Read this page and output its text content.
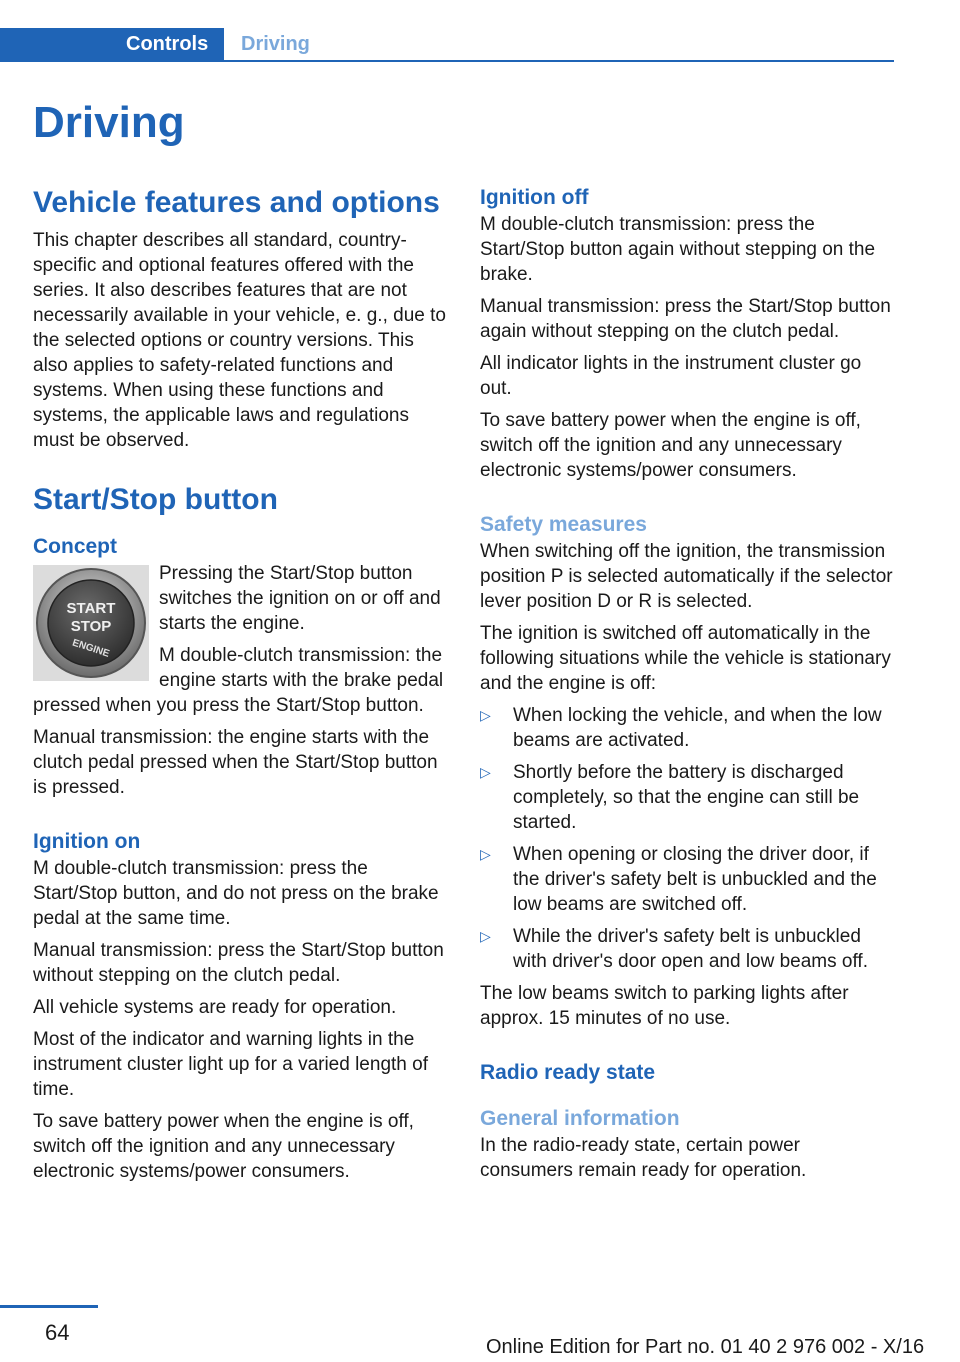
Controls	Driving
Driving
Vehicle features and options

This chapter describes all standard, country-specific and optional features offered with the series. It also describes features that are not necessarily available in your vehicle, e. g., due to the selected options or country versions. This also applies to safety-related functions and systems. When using these functions and systems, the applicable laws and regulations must be observed.

Start/Stop button
Concept
START
STOP
ENGINE

Pressing the Start/Stop button switches the ignition on or off and starts the engine.

M double-clutch transmission: the engine starts with the brake pedal pressed when you press the Start/Stop button.

Manual transmission: the engine starts with the clutch pedal pressed when the Start/Stop button is pressed.

Ignition on

M double-clutch transmission: press the Start/Stop button, and do not press on the brake pedal at the same time.

Manual transmission: press the Start/Stop button without stepping on the clutch pedal.

All vehicle systems are ready for operation.

Most of the indicator and warning lights in the instrument cluster light up for a varied length of time.

To save battery power when the engine is off, switch off the ignition and any unnecessary electronic systems/power consumers.

Ignition off

M double-clutch transmission: press the Start/Stop button again without stepping on the brake.

Manual transmission: press the Start/Stop button again without stepping on the clutch pedal.

All indicator lights in the instrument cluster go out.

To save battery power when the engine is off, switch off the ignition and any unnecessary electronic systems/power consumers.

Safety measures

When switching off the ignition, the transmission position P is selected automatically if the selector lever position D or R is selected.

The ignition is switched off automatically in the following situations while the vehicle is stationary and the engine is off:

▷	When locking the vehicle, and when the low beams are activated.
▷	Shortly before the battery is discharged completely, so that the engine can still be started.
▷	When opening or closing the driver door, if the driver's safety belt is unbuckled and the low beams are switched off.
▷	While the driver's safety belt is unbuckled with driver's door open and low beams off.

The low beams switch to parking lights after approx. 15 minutes of no use.

Radio ready state
General information

In the radio-ready state, certain power consumers remain ready for operation.

64
Online Edition for Part no. 01 40 2 976 002 - X/16
